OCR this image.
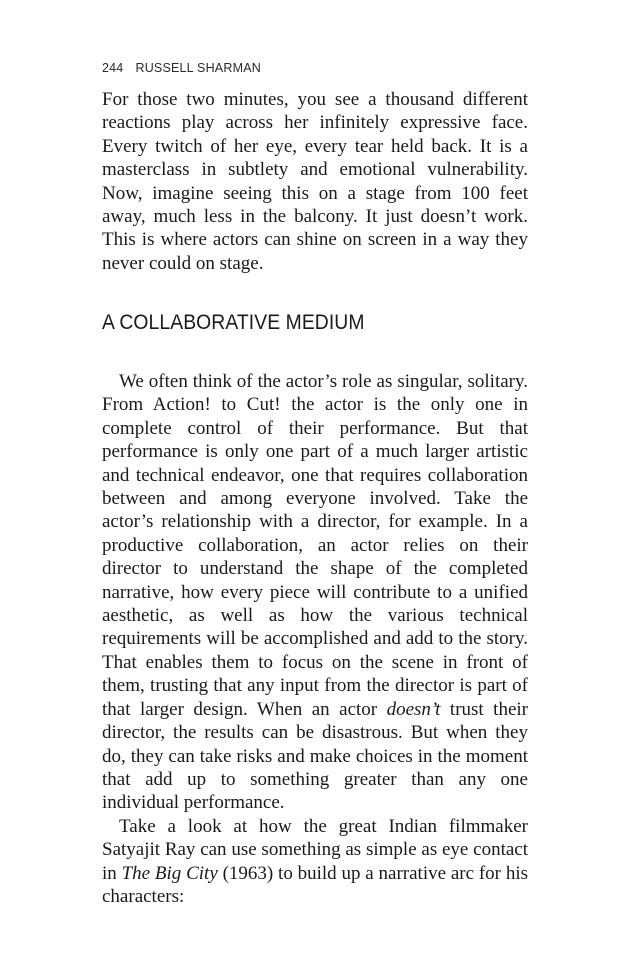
244 RUSSELL SHARMAN

For those two minutes, you see a thousand different reactions play across her infinitely expressive face. Every twitch of her eye, every tear held back. It is a masterclass in subtlety and emotional vulnerability. Now, imagine seeing this on a stage from 100 feet away, much less in the balcony. It just doesn’t work. This is where actors can shine on screen in a way they never could on stage.

A COLLABORATIVE MEDIUM

We often think of the actor’s role as singular, solitary. From Action! to Cut! the actor is the only one in complete control of their performance. But that performance is only one part of a much larger artistic and technical endeavor, one that requires collaboration between and among everyone involved. Take the actor’s relationship with a director, for example. In a productive collaboration, an actor relies on their director to understand the shape of the completed narrative, how every piece will contribute to a unified aesthetic, as well as how the various technical requirements will be accomplished and add to the story. That enables them to focus on the scene in front of them, trusting that any input from the director is part of that larger design. When an actor doesn’t trust their director, the results can be disastrous. But when they do, they can take risks and make choices in the moment that add up to something greater than any one individual performance.

Take a look at how the great Indian filmmaker Satyajit Ray can use something as simple as eye contact in The Big City (1963) to build up a narrative arc for his characters:
